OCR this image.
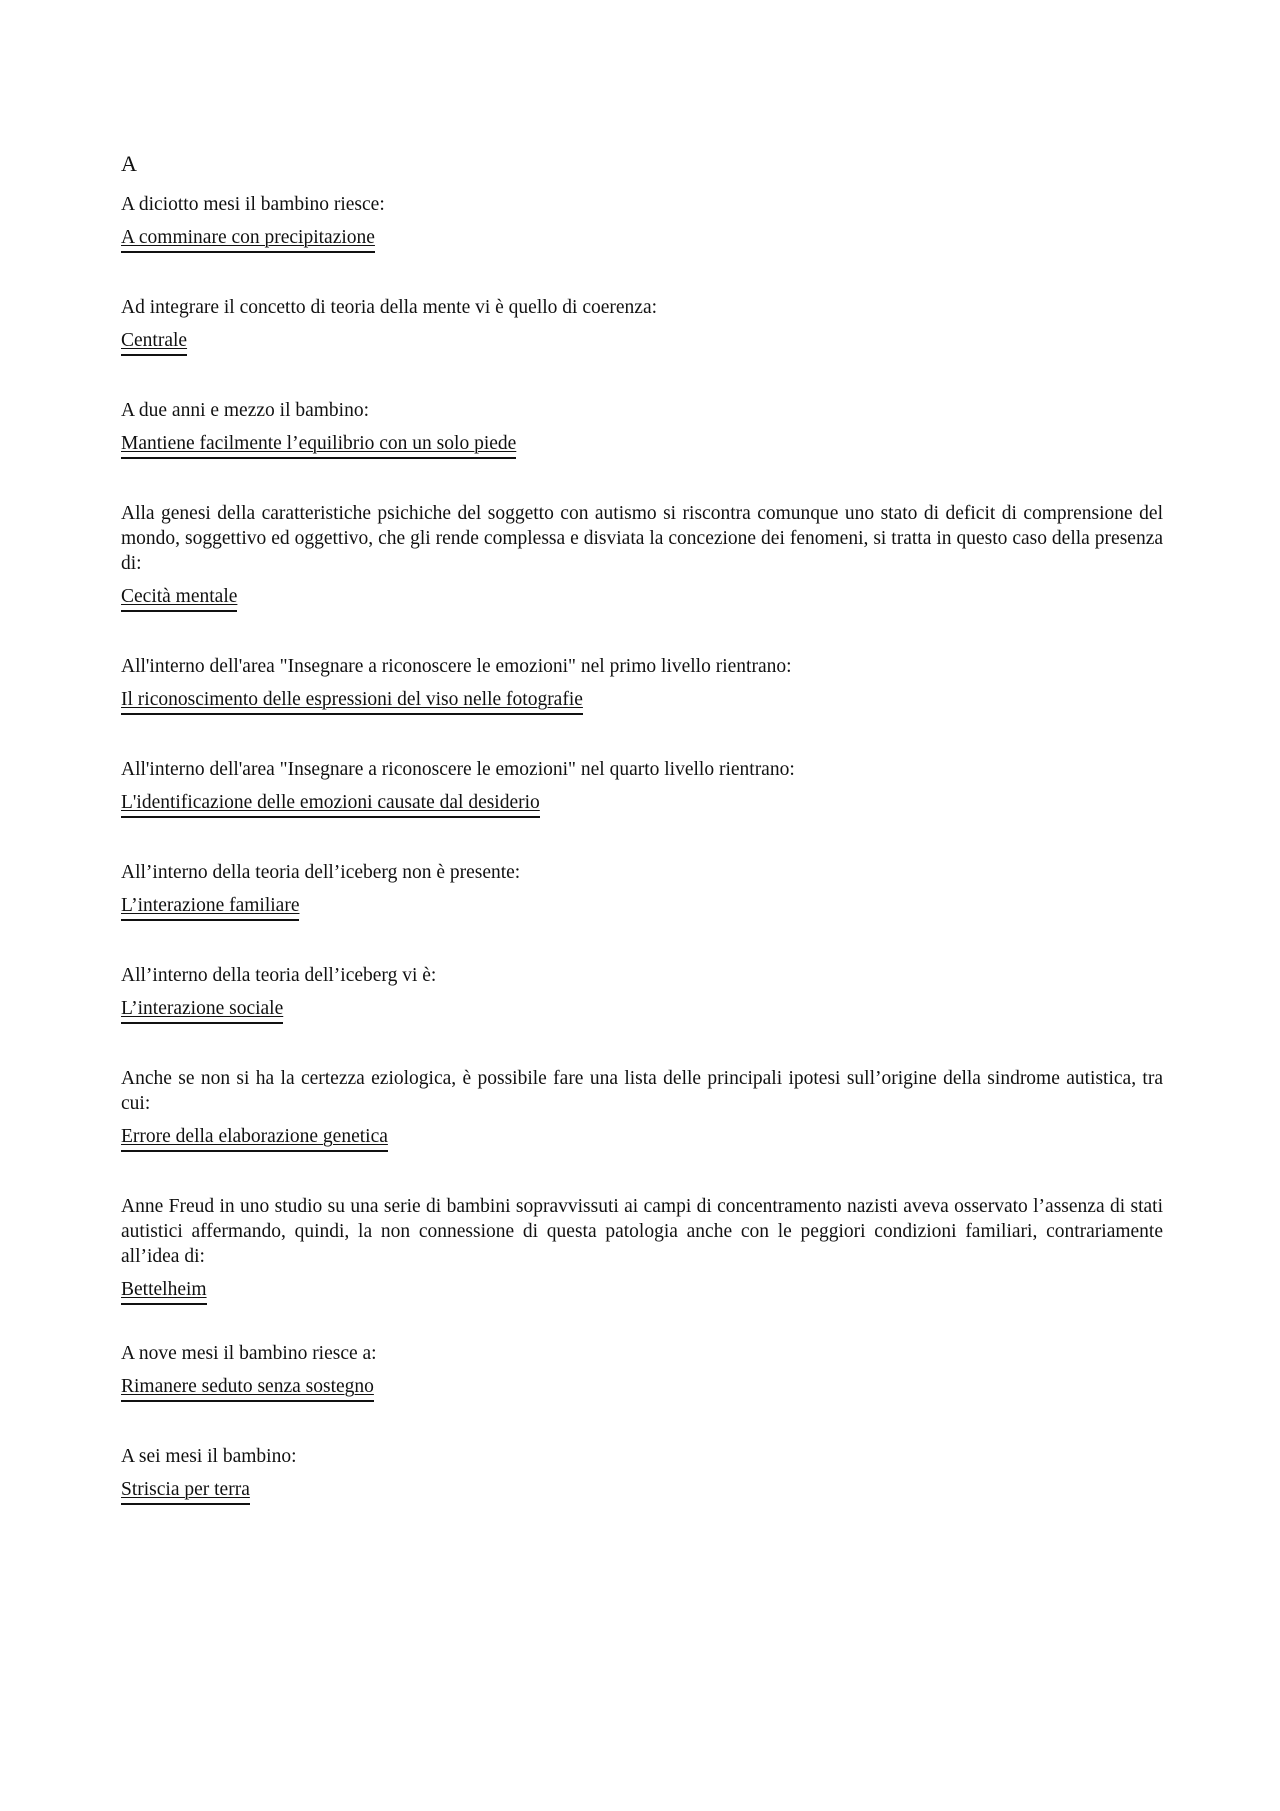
A
A diciotto mesi il bambino riesce:
A comminare con precipitazione
Ad integrare il concetto di teoria della mente vi è quello di coerenza:
Centrale
A due anni e mezzo il bambino:
Mantiene facilmente l’equilibrio con un solo piede
Alla genesi della caratteristiche psichiche del soggetto con autismo si riscontra comunque uno stato di deficit di comprensione del mondo, soggettivo ed oggettivo, che gli rende complessa e disviata la concezione dei fenomeni, si tratta in questo caso della presenza di:
Cecità mentale
All'interno dell'area "Insegnare a riconoscere le emozioni" nel primo livello rientrano:
Il riconoscimento delle espressioni del viso nelle fotografie
All'interno dell'area "Insegnare a riconoscere le emozioni" nel quarto livello rientrano:
L'identificazione delle emozioni causate dal desiderio
All’interno della teoria dell’iceberg non è presente:
L’interazione familiare
All’interno della teoria dell’iceberg vi è:
L’interazione sociale
Anche se non si ha la certezza eziologica, è possibile fare una lista delle principali ipotesi sull’origine della sindrome autistica, tra cui:
Errore della elaborazione genetica
Anne Freud in uno studio su una serie di bambini sopravvissuti ai campi di concentramento nazisti aveva osservato l’assenza di stati autistici affermando, quindi, la non connessione di questa patologia anche con le peggiori condizioni familiari, contrariamente all’idea di:
Bettelheim
A nove mesi il bambino riesce a:
Rimanere seduto senza sostegno
A sei mesi il bambino:
Striscia per terra
